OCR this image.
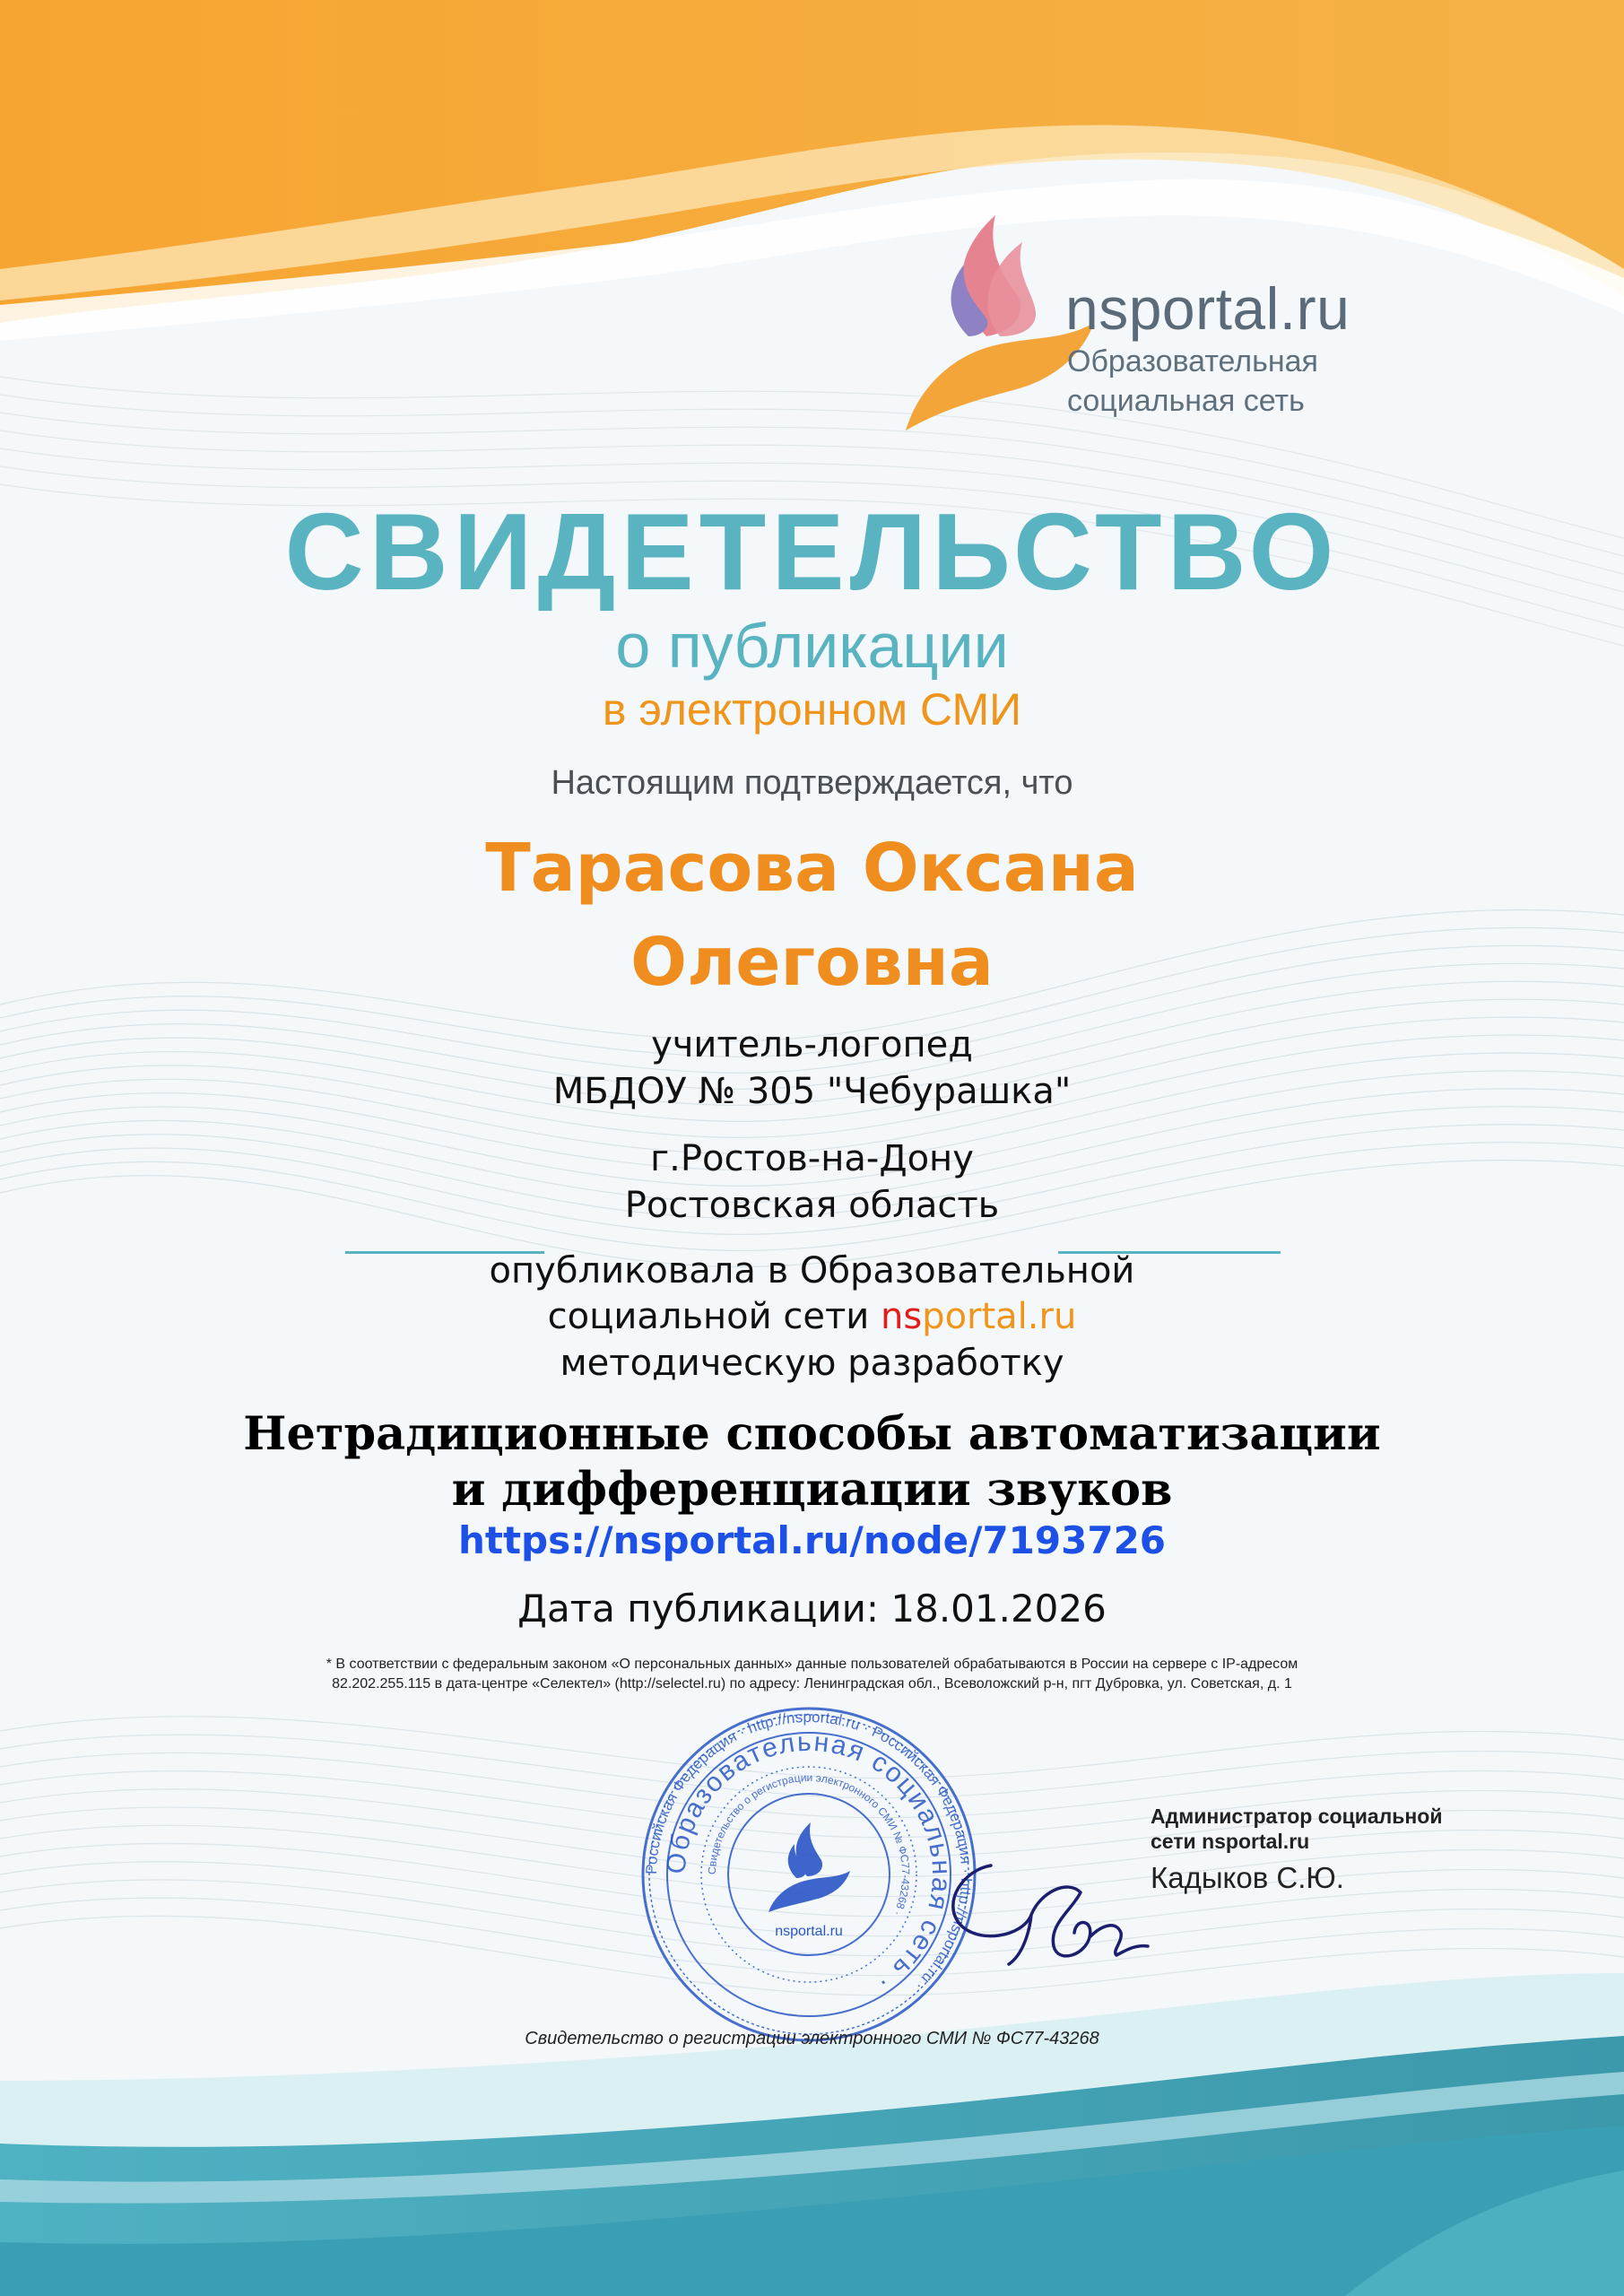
nsportal.ru
Образовательная
социальная сеть
СВИДЕТЕЛЬСТВО
о публикации
в электронном СМИ
Настоящим подтверждается, что
Тарасова Оксана
Олеговна
учитель-логопед
МБДОУ № 305 "Чебурашка"
г.Ростов-на-Дону
Ростовская область
опубликовала в Образовательной
социальной сети nsportal.ru
методическую разработку
Нетрадиционные способы автоматизации
и дифференциации звуков
https://nsportal.ru/node/7193726
Дата публикации: 18.01.2026
* В соответствии с федеральным законом «О персональных данных» данные пользователей обрабатываются в России на сервере с IP-адресом
82.202.255.115 в дата-центре «Селектел» (http://selectel.ru) по адресу: Ленинградская обл., Всеволожский р-н, пгт Дубровка, ул. Советская, д. 1
Российская Федерация · http://nsportal.ru · Российская Федерация · http://nsportal.ru ·
Образовательная социальная сеть ·
Свидетельство о регистрации электронного СМИ № ФС77-43268 ·
nsportal.ru
Администратор социальной
сети nsportal.ru
Кадыков С.Ю.
Свидетельство о регистрации электронного СМИ № ФС77-43268
